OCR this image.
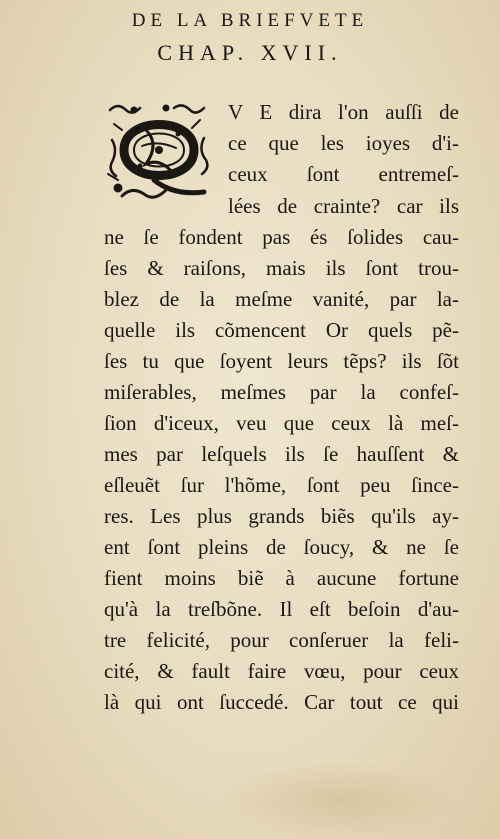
DE LA BRIEFVETE
CHAP. XVII.
V E dira l'on auſſi de
ce que les ioyes d'i-
ceux ſont entremeſ-
lées de crainte? car ils
ne ſe fondent pas és ſolides cau-
ſes & raiſons, mais ils ſont trou-
blez de la meſme vanité, par la-
quelle ils cõmencent Or quels pẽ-
ſes tu que ſoyent leurs tẽps? ils ſõt
miſerables, meſmes par la confeſ-
ſion d'iceux, veu que ceux là meſ-
mes par leſquels ils ſe hauſſent &
eſleuẽt ſur l'hõme, ſont peu ſince-
res. Les plus grands biẽs qu'ils ay-
ent ſont pleins de ſoucy, & ne ſe
fient moins biẽ à aucune fortune
qu'à la treſbõne. Il eſt beſoin d'au-
tre felicité, pour conſeruer la feli-
cité, & fault faire vœu, pour ceux
là qui ont ſuccedé. Car tout ce qui
